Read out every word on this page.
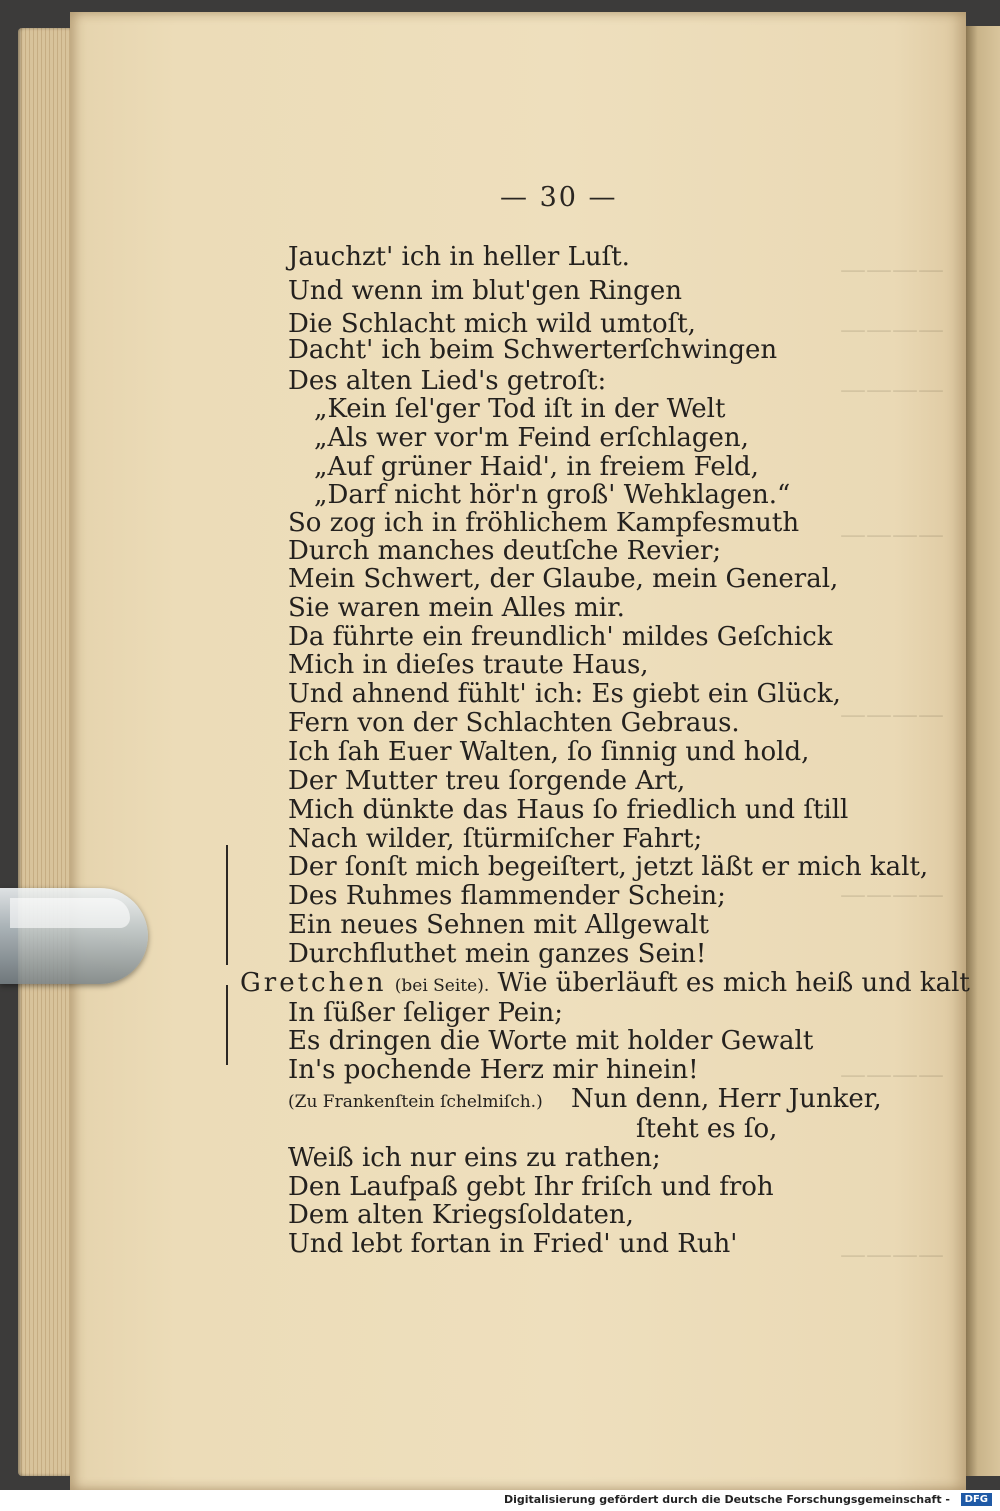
————
————
————
————
————
————
————
————
— 30 —
Jauchzt' ich in heller Luſt.
Und wenn im blut'gen Ringen
Die Schlacht mich wild umtoſt,
Dacht' ich beim Schwerterſchwingen
Des alten Lied's getroſt:
„Kein ſel'ger Tod iſt in der Welt
„Als wer vor'm Feind erſchlagen,
„Auf grüner Haid', in freiem Feld,
„Darf nicht hör'n groß' Wehklagen.“
So zog ich in fröhlichem Kampfesmuth
Durch manches deutſche Revier;
Mein Schwert, der Glaube, mein General,
Sie waren mein Alles mir.
Da führte ein freundlich' mildes Geſchick
Mich in dieſes traute Haus,
Und ahnend fühlt' ich: Es giebt ein Glück,
Fern von der Schlachten Gebraus.
Ich ſah Euer Walten, ſo ſinnig und hold,
Der Mutter treu ſorgende Art,
Mich dünkte das Haus ſo friedlich und ſtill
Nach wilder, ſtürmiſcher Fahrt;
Der ſonſt mich begeiſtert, jetzt läßt er mich kalt,
Des Ruhmes flammender Schein;
Ein neues Sehnen mit Allgewalt
Durchfluthet mein ganzes Sein!
Gretchen (bei Seite). Wie überläuft es mich heiß und kalt
In ſüßer ſeliger Pein;
Es dringen die Worte mit holder Gewalt
In's pochende Herz mir hinein!
(Zu Frankenſtein ſchelmiſch.) Nun denn, Herr Junker,
ſteht es ſo,
Weiß ich nur eins zu rathen;
Den Laufpaß gebt Ihr friſch und froh
Dem alten Kriegsſoldaten,
Und lebt fortan in Fried' und Ruh'
Digitalisierung gefördert durch die Deutsche Forschungsgemeinschaft -	DFG
